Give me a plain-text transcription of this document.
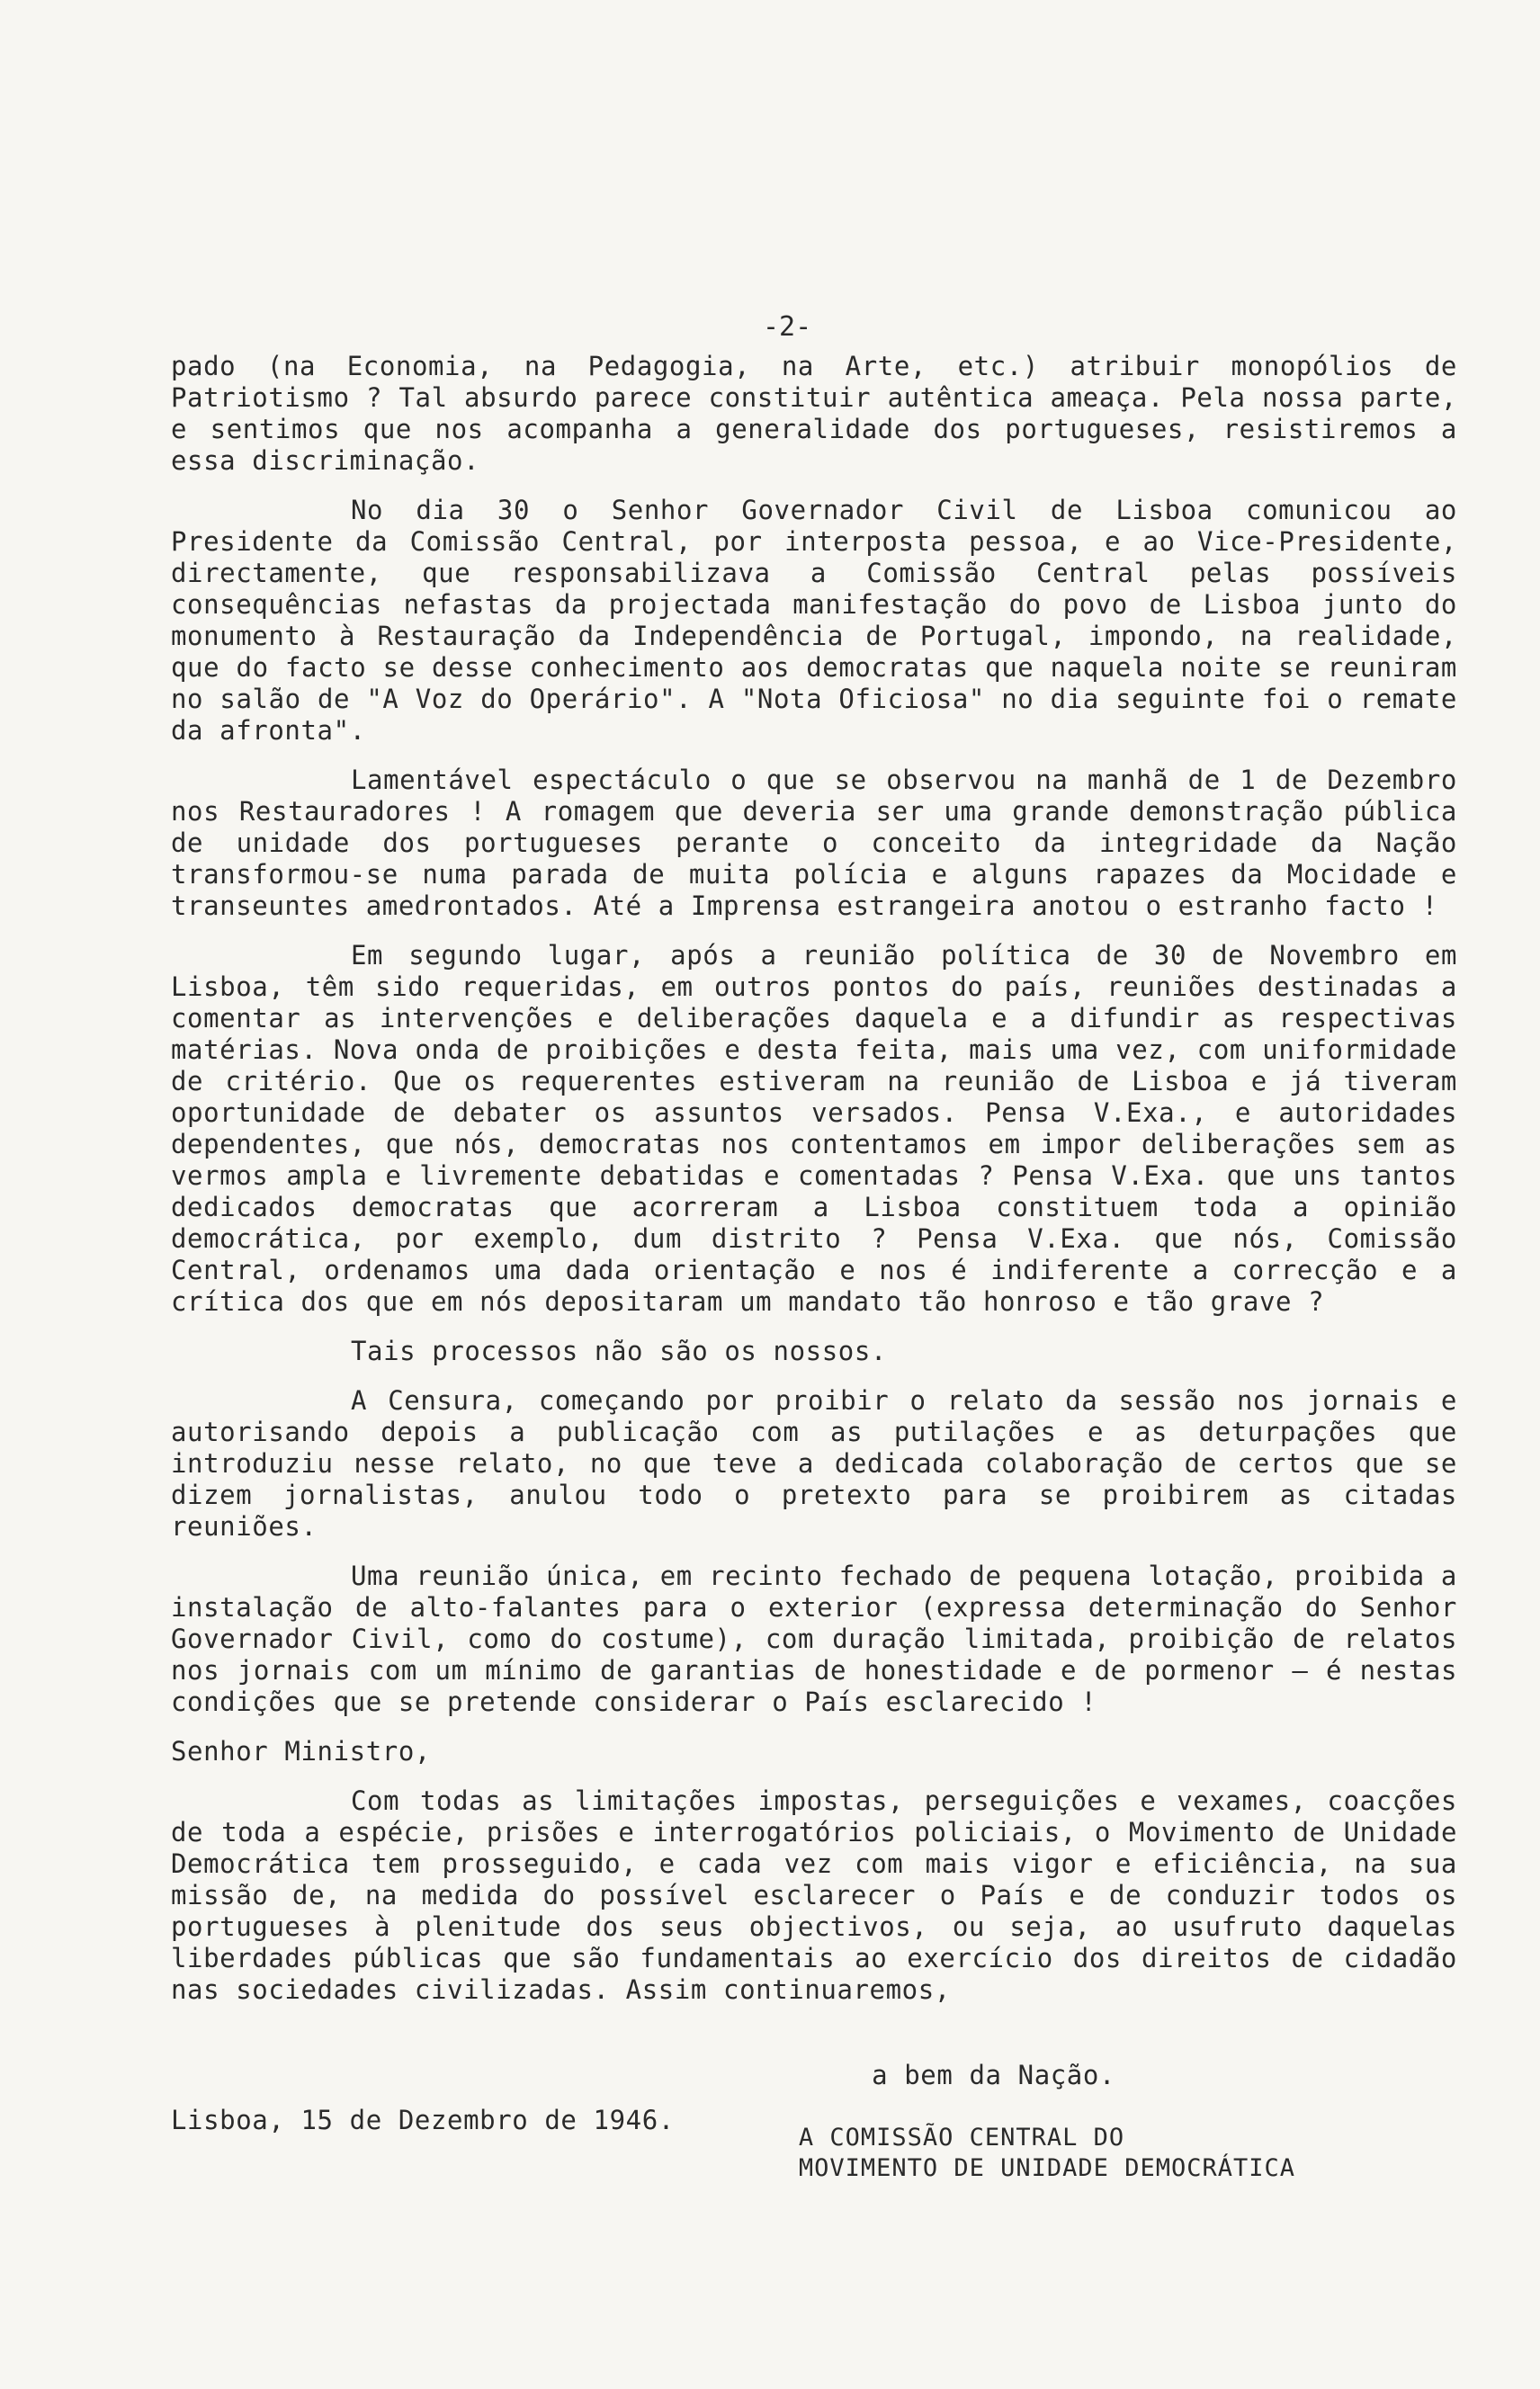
-2-

pado (na Economia, na Pedagogia, na Arte, etc.) atribuir monopólios de Patriotismo ? Tal absurdo parece constituir autêntica ameaça. Pela nossa parte, e sentimos que nos acompanha a generalidade dos portugueses, resistiremos a essa discriminação.

No dia 30 o Senhor Governador Civil de Lisboa comunicou ao Presidente da Comissão Central, por interposta pessoa, e ao Vice-Presidente, directamente, que responsabilizava a Comissão Central pelas possíveis consequências nefastas da projectada manifestação do povo de Lisboa junto do monumento à Restauração da Independência de Portugal, impondo, na realidade, que do facto se desse conhecimento aos democratas que naquela noite se reuniram no salão de "A Voz do Operário". A "Nota Oficiosa" no dia seguinte foi o remate da afronta".

Lamentável espectáculo o que se observou na manhã de 1 de Dezembro nos Restauradores ! A romagem que deveria ser uma grande demonstração pública de unidade dos portugueses perante o conceito da integridade da Nação transformou-se numa parada de muita polícia e alguns rapazes da Mocidade e transeuntes amedrontados. Até a Imprensa estrangeira anotou o estranho facto !

Em segundo lugar, após a reunião política de 30 de Novembro em Lisboa, têm sido requeridas, em outros pontos do país, reuniões destinadas a comentar as intervenções e deliberações daquela e a difundir as respectivas matérias. Nova onda de proibições e desta feita, mais uma vez, com uniformidade de critério. Que os requerentes estiveram na reunião de Lisboa e já tiveram oportunidade de debater os assuntos versados. Pensa V.Exa., e autoridades dependentes, que nós, democratas nos contentamos em impor deliberações sem as vermos ampla e livremente debatidas e comentadas ? Pensa V.Exa. que uns tantos dedicados democratas que acorreram a Lisboa constituem toda a opinião democrática, por exemplo, dum distrito ? Pensa V.Exa. que nós, Comissão Central, ordenamos uma dada orientação e nos é indiferente a correcção e a crítica dos que em nós depositaram um mandato tão honroso e tão grave ?

Tais processos não são os nossos.

A Censura, começando por proibir o relato da sessão nos jornais e autorisando depois a publicação com as putilações e as deturpações que introduziu nesse relato, no que teve a dedicada colaboração de certos que se dizem jornalistas, anulou todo o pretexto para se proibirem as citadas reuniões.

Uma reunião única, em recinto fechado de pequena lotação, proibida a instalação de alto-falantes para o exterior (expressa determinação do Senhor Governador Civil, como do costume), com duração limitada, proibição de relatos nos jornais com um mínimo de garantias de honestidade e de pormenor — é nestas condições que se pretende considerar o País esclarecido !

Senhor Ministro,

Com todas as limitações impostas, perseguições e vexames, coacções de toda a espécie, prisões e interrogatórios policiais, o Movimento de Unidade Democrática tem prosseguido, e cada vez com mais vigor e eficiência, na sua missão de, na medida do possível esclarecer o País e de conduzir todos os portugueses à plenitude dos seus objectivos, ou seja, ao usufruto daquelas liberdades públicas que são fundamentais ao exercício dos direitos de cidadão nas sociedades civilizadas. Assim continuaremos,

a bem da Nação.
Lisboa, 15 de Dezembro de 1946.
A COMISSÃO CENTRAL DO
MOVIMENTO DE UNIDADE DEMOCRÁTICA
